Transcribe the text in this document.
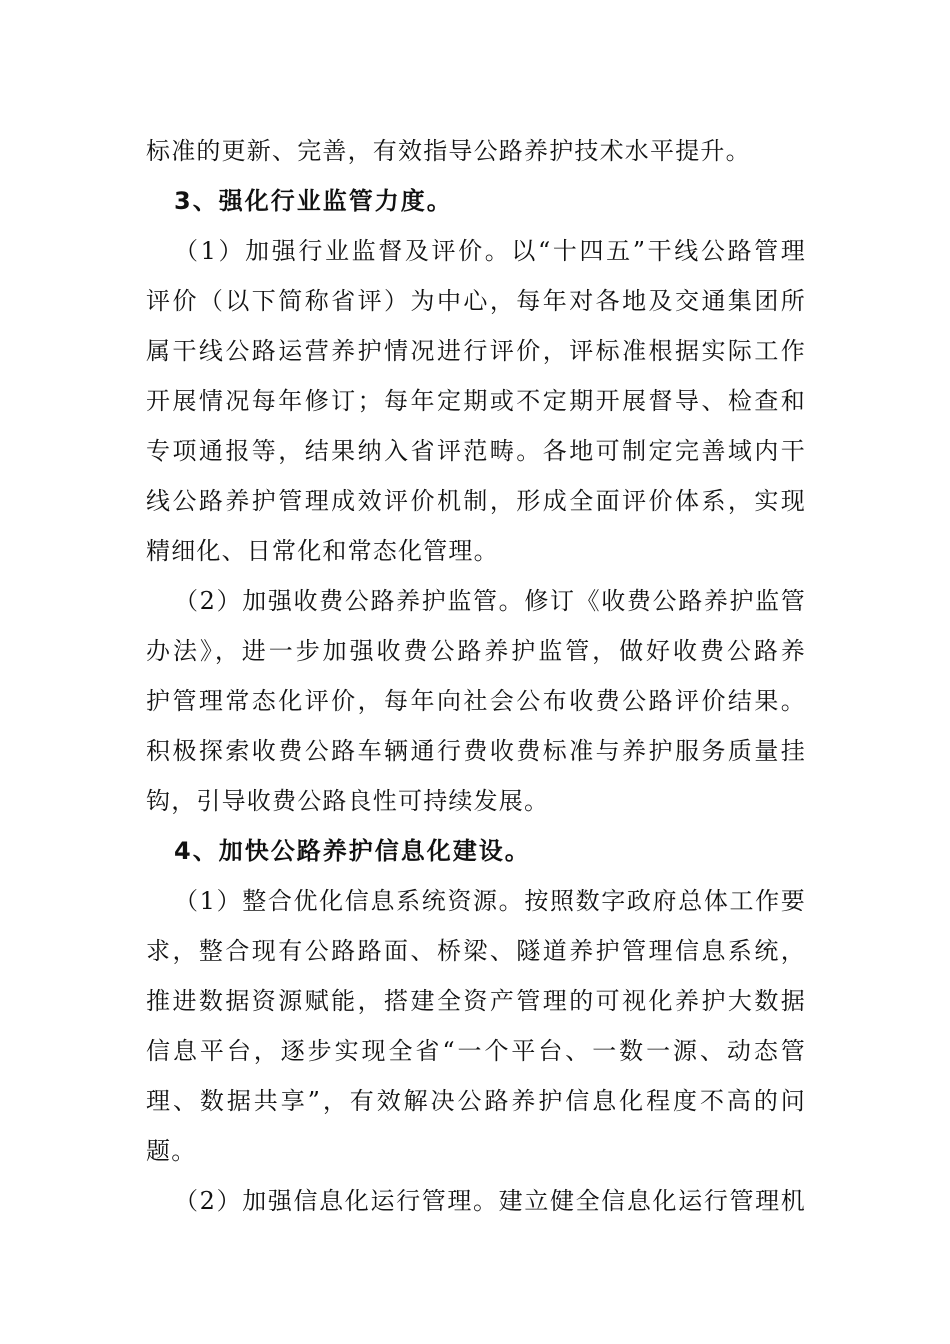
标准的更新、完善，有效指导公路养护技术水平提升。
3、强化行业监管力度。
（1）加强行业监督及评价。以“十四五”干线公路管理
评价（以下简称省评）为中心，每年对各地及交通集团所
属干线公路运营养护情况进行评价，评标准根据实际工作
开展情况每年修订；每年定期或不定期开展督导、检查和
专项通报等，结果纳入省评范畴。各地可制定完善域内干
线公路养护管理成效评价机制，形成全面评价体系，实现
精细化、日常化和常态化管理。
（2）加强收费公路养护监管。修订《收费公路养护监管
办法》，进一步加强收费公路养护监管，做好收费公路养
护管理常态化评价，每年向社会公布收费公路评价结果。
积极探索收费公路车辆通行费收费标准与养护服务质量挂
钩，引导收费公路良性可持续发展。
4、加快公路养护信息化建设。
（1）整合优化信息系统资源。按照数字政府总体工作要
求，整合现有公路路面、桥梁、隧道养护管理信息系统，
推进数据资源赋能，搭建全资产管理的可视化养护大数据
信息平台，逐步实现全省“一个平台、一数一源、动态管
理、数据共享”，有效解决公路养护信息化程度不高的问
题。
（2）加强信息化运行管理。建立健全信息化运行管理机
